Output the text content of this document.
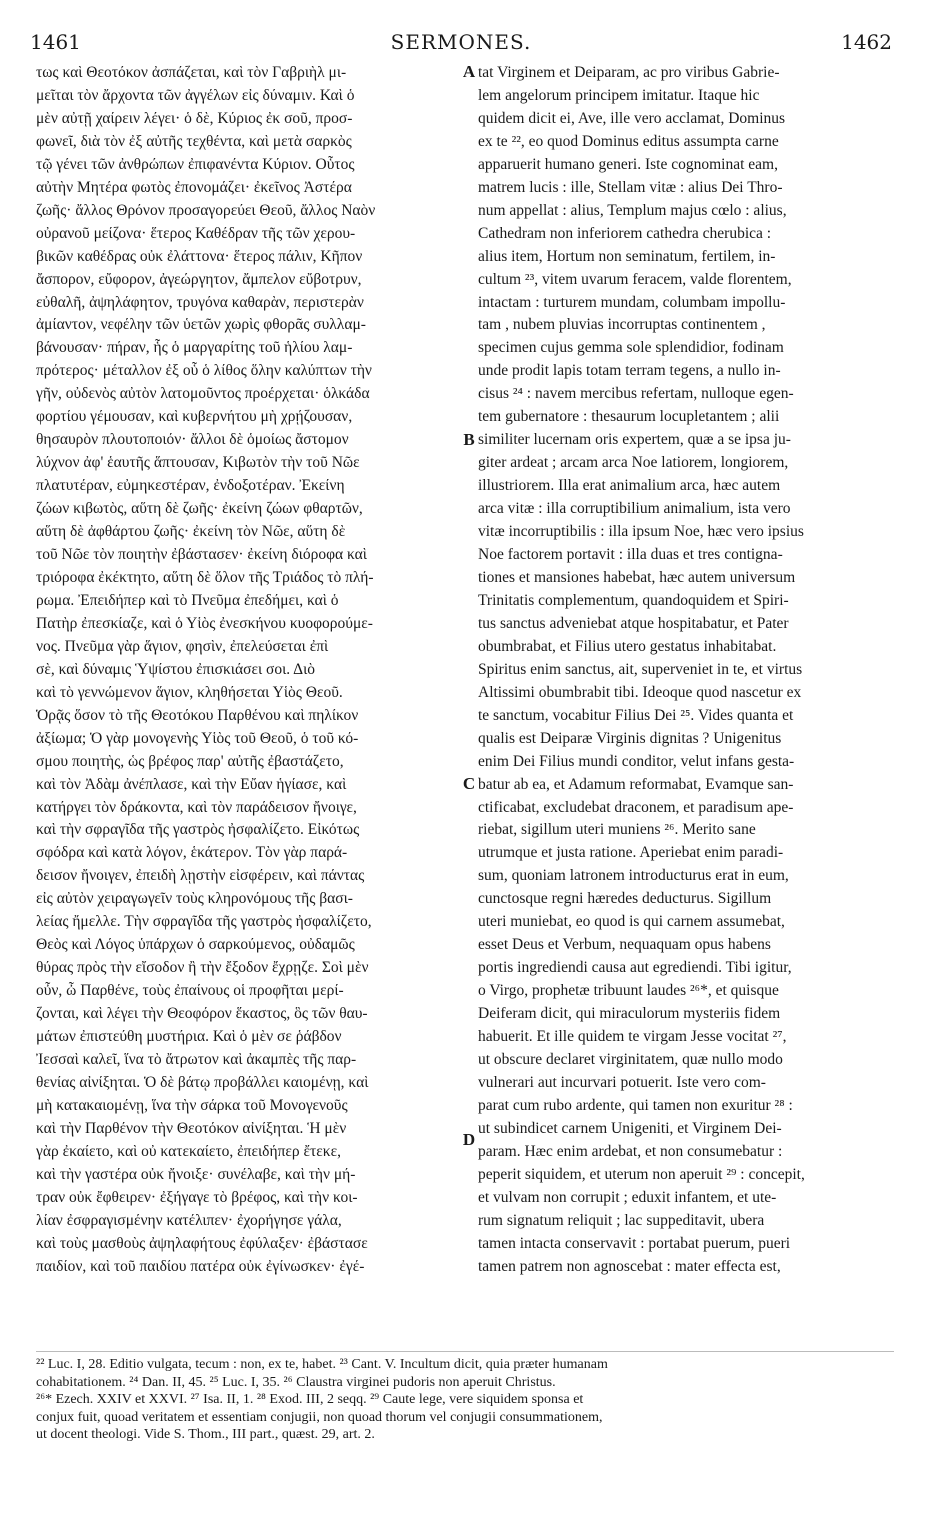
1461	SERMONES.	1462
τως καὶ Θεοτόκον ἀσπάζεται, καὶ τὸν Γαβριὴλ μι-
μεῖται τὸν ἄρχοντα τῶν ἀγγέλων εἰς δύναμιν. Καὶ ὁ
μὲν αὐτῇ χαίρειν λέγει· ὁ δὲ, Κύριος ἐκ σοῦ, προσ-
φωνεῖ, διὰ τὸν ἐξ αὐτῆς τεχθέντα, καὶ μετὰ σαρκὸς
τῷ γένει τῶν ἀνθρώπων ἐπιφανέντα Κύριον. Οὗτος
αὐτὴν Μητέρα φωτὸς ἐπονομάζει· ἐκεῖνος Ἀστέρα
ζωῆς· ἄλλος Θρόνον προσαγορεύει Θεοῦ, ἄλλος Ναὸν
οὐρανοῦ μείζονα· ἕτερος Καθέδραν τῆς τῶν χερου-
βικῶν καθέδρας οὐκ ἐλάττονα· ἕτερος πάλιν, Κῆπον
ἄσπορον, εὔφορον, ἀγεώργητον, ἄμπελον εὔβοτρυν,
εὐθαλῆ, ἀψηλάφητον, τρυγόνα καθαρὰν, περιστερὰν
ἀμίαντον, νεφέλην τῶν ὑετῶν χωρὶς φθορᾶς συλλαμ-
βάνουσαν· πήραν, ἧς ὁ μαργαρίτης τοῦ ἡλίου λαμ-
πρότερος· μέταλλον ἐξ οὗ ὁ λίθος ὅλην καλύπτων τὴν
γῆν, οὐδενὸς αὐτὸν λατομοῦντος προέρχεται· ὁλκάδα
φορτίου γέμουσαν, καὶ κυβερνήτου μὴ χρῄζουσαν,
θησαυρὸν πλουτοποιόν· ἄλλοι δὲ ὁμοίως ἄστομον
λύχνον ἀφ' ἑαυτῆς ἅπτουσαν, Κιβωτὸν τὴν τοῦ Νῶε
πλατυτέραν, εὐμηκεστέραν, ἐνδοξοτέραν. Ἐκείνη
ζώων κιβωτὸς, αὕτη δὲ ζωῆς· ἐκείνη ζώων φθαρτῶν,
αὕτη δὲ ἀφθάρτου ζωῆς· ἐκείνη τὸν Νῶε, αὕτη δὲ
τοῦ Νῶε τὸν ποιητὴν ἐβάστασεν· ἐκείνη διόροφα καὶ
τριόροφα ἐκέκτητο, αὕτη δὲ ὅλον τῆς Τριάδος τὸ πλή-
ρωμα. Ἐπειδήπερ καὶ τὸ Πνεῦμα ἐπεδήμει, καὶ ὁ
Πατὴρ ἐπεσκίαζε, καὶ ὁ Υἱὸς ἐνεσκήνου κυοφορούμε-
νος. Πνεῦμα γὰρ ἅγιον, φησὶν, ἐπελεύσεται ἐπὶ
σὲ, καὶ δύναμις Ὑψίστου ἐπισκιάσει σοι. Διὸ
καὶ τὸ γεννώμενον ἅγιον, κληθήσεται Υἱὸς Θεοῦ.
Ὁρᾷς ὅσον τὸ τῆς Θεοτόκου Παρθένου καὶ πηλίκον
ἀξίωμα; Ὁ γὰρ μονογενὴς Υἱὸς τοῦ Θεοῦ, ὁ τοῦ κό-
σμου ποιητὴς, ὡς βρέφος παρ' αὐτῆς ἐβαστάζετο,
καὶ τὸν Ἀδὰμ ἀνέπλασε, καὶ τὴν Εὔαν ἡγίασε, καὶ
κατήργει τὸν δράκοντα, καὶ τὸν παράδεισον ἤνοιγε,
καὶ τὴν σφραγῖδα τῆς γαστρὸς ἠσφαλίζετο. Εἰκότως
σφόδρα καὶ κατὰ λόγον, ἑκάτερον. Τὸν γὰρ παρά-
δεισον ἤνοιγεν, ἐπειδὴ λῃστὴν εἰσφέρειν, καὶ πάντας
εἰς αὐτὸν χειραγωγεῖν τοὺς κληρονόμους τῆς βασι-
λείας ἤμελλε. Τὴν σφραγῖδα τῆς γαστρὸς ἠσφαλίζετο,
Θεὸς καὶ Λόγος ὑπάρχων ὁ σαρκούμενος, οὐδαμῶς
θύρας πρὸς τὴν εἴσοδον ἢ τὴν ἔξοδον ἔχρῃζε. Σοὶ μὲν
οὖν, ὦ Παρθένε, τοὺς ἐπαίνους οἱ προφῆται μερί-
ζονται, καὶ λέγει τὴν Θεοφόρον ἕκαστος, ὃς τῶν θαυ-
μάτων ἐπιστεύθη μυστήρια. Καὶ ὁ μὲν σε ῥάβδον
Ἰεσσαὶ καλεῖ, ἵνα τὸ ἄτρωτον καὶ ἀκαμπὲς τῆς παρ-
θενίας αἰνίξηται. Ὁ δὲ βάτῳ προβάλλει καιομένῃ, καὶ
μὴ κατακαιομένῃ, ἵνα τὴν σάρκα τοῦ Μονογενοῦς
καὶ τὴν Παρθένον τὴν Θεοτόκον αἰνίξηται. Ἡ μὲν
γὰρ ἐκαίετο, καὶ οὐ κατεκαίετο, ἐπειδήπερ ἔτεκε,
καὶ τὴν γαστέρα οὐκ ἤνοιξε· συνέλαβε, καὶ τὴν μή-
τραν οὐκ ἔφθειρεν· ἐξήγαγε τὸ βρέφος, καὶ τὴν κοι-
λίαν ἐσφραγισμένην κατέλιπεν· ἐχορήγησε γάλα,
καὶ τοὺς μασθοὺς ἀψηλαφήτους ἐφύλαξεν· ἐβάστασε
παιδίον, καὶ τοῦ παιδίου πατέρα οὐκ ἐγίνωσκεν· ἐγέ-
tat Virginem et Deiparam, ac pro viribus Gabrie-
lem angelorum principem imitatur. Itaque hic
quidem dicit ei, Ave, ille vero acclamat, Dominus
ex te ²², eo quod Dominus editus assumpta carne
apparuerit humano generi. Iste cognominat eam,
matrem lucis : ille, Stellam vitæ : alius Dei Thro-
num appellat : alius, Templum majus cœlo : alius,
Cathedram non inferiorem cathedra cherubica :
alius item, Hortum non seminatum, fertilem, in-
cultum ²³, vitem uvarum feracem, valde florentem,
intactam : turturem mundam, columbam impollu-
tam , nubem pluvias incorruptas continentem ,
specimen cujus gemma sole splendidior, fodinam
unde prodit lapis totam terram tegens, a nullo in-
cisus ²⁴ : navem mercibus refertam, nulloque egen-
tem gubernatore : thesaurum locupletantem ; alii
similiter lucernam oris expertem, quæ a se ipsa ju-
giter ardeat ; arcam arca Noe latiorem, longiorem,
illustriorem. Illa erat animalium arca, hæc autem
arca vitæ : illa corruptibilium animalium, ista vero
vitæ incorruptibilis : illa ipsum Noe, hæc vero ipsius
Noe factorem portavit : illa duas et tres contigna-
tiones et mansiones habebat, hæc autem universum
Trinitatis complementum, quandoquidem et Spiri-
tus sanctus adveniebat atque hospitabatur, et Pater
obumbrabat, et Filius utero gestatus inhabitabat.
Spiritus enim sanctus, ait, superveniet in te, et virtus
Altissimi obumbrabit tibi. Ideoque quod nascetur ex
te sanctum, vocabitur Filius Dei ²⁵. Vides quanta et
qualis est Deiparæ Virginis dignitas ? Unigenitus
enim Dei Filius mundi conditor, velut infans gesta-
batur ab ea, et Adamum reformabat, Evamque san-
ctificabat, excludebat draconem, et paradisum ape-
riebat, sigillum uteri muniens ²⁶. Merito sane
utrumque et justa ratione. Aperiebat enim paradi-
sum, quoniam latronem introducturus erat in eum,
cunctosque regni hæredes deducturus. Sigillum
uteri muniebat, eo quod is qui carnem assumebat,
esset Deus et Verbum, nequaquam opus habens
portis ingrediendi causa aut egrediendi. Tibi igitur,
o Virgo, prophetæ tribuunt laudes ²⁶*, et quisque
Deiferam dicit, qui miraculorum mysteriis fidem
habuerit. Et ille quidem te virgam Jesse vocitat ²⁷,
ut obscure declaret virginitatem, quæ nullo modo
vulnerari aut incurvari potuerit. Iste vero com-
parat cum rubo ardente, qui tamen non exuritur ²⁸ :
ut subindicet carnem Unigeniti, et Virginem Dei-
param. Hæc enim ardebat, et non consumebatur :
peperit siquidem, et uterum non aperuit ²⁹ : concepit,
et vulvam non corrupit ; eduxit infantem, et ute-
rum signatum reliquit ; lac suppeditavit, ubera
tamen intacta conservavit : portabat puerum, pueri
tamen patrem non agnoscebat : mater effecta est,
A
B
C
D
²² Luc. I, 28. Editio vulgata, tecum : non, ex te, habet. ²³ Cant. V. Incultum dicit, quia præter humanam
cohabitationem. ²⁴ Dan. II, 45. ²⁵ Luc. I, 35. ²⁶ Claustra virginei pudoris non aperuit Christus.
²⁶* Ezech. XXIV et XXVI. ²⁷ Isa. II, 1. ²⁸ Exod. III, 2 seqq. ²⁹ Caute lege, vere siquidem sponsa et
conjux fuit, quoad veritatem et essentiam conjugii, non quoad thorum vel conjugii consummationem,
ut docent theologi. Vide S. Thom., III part., quæst. 29, art. 2.
